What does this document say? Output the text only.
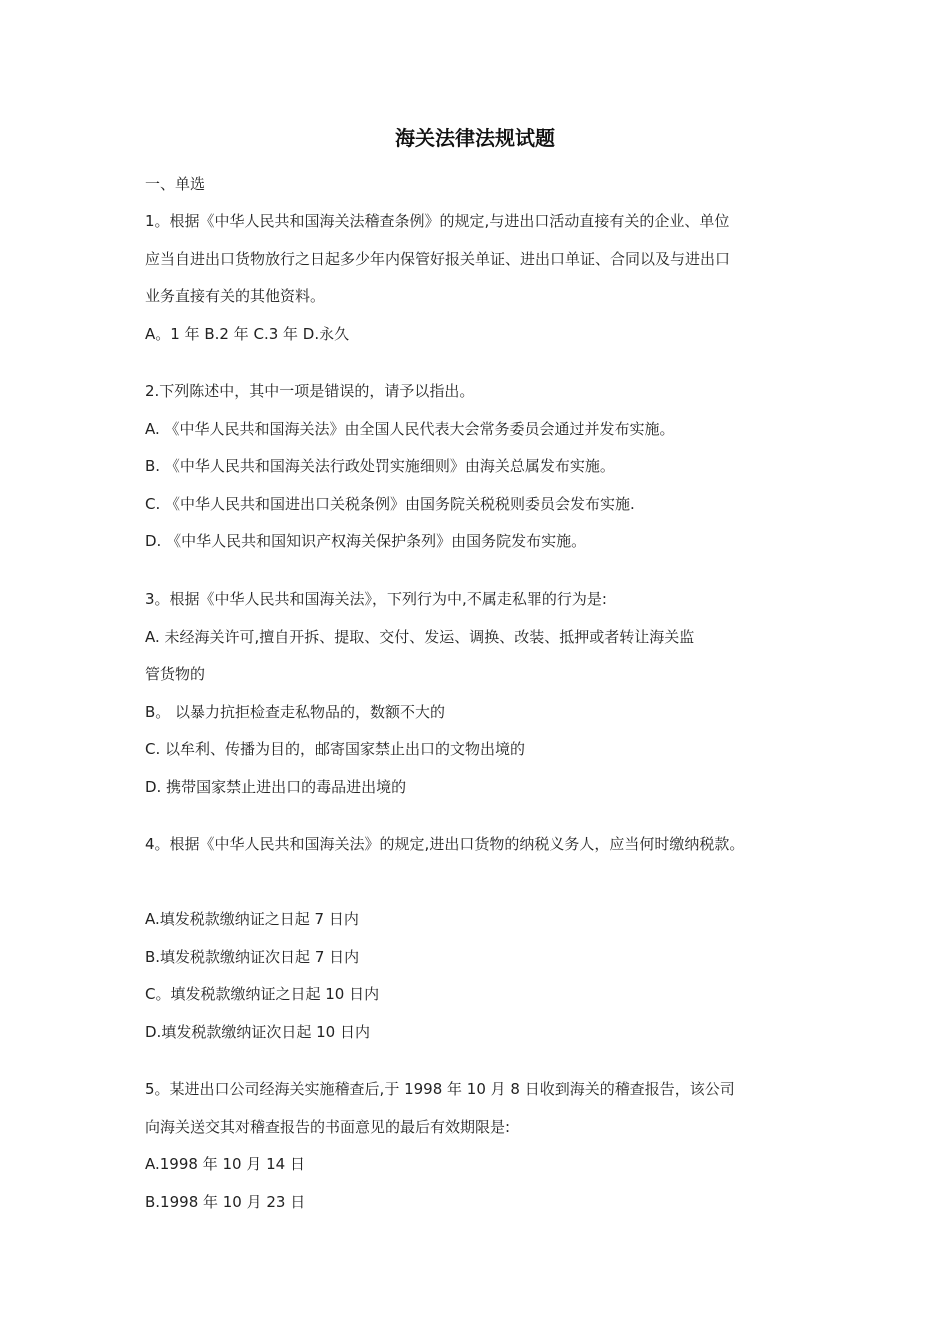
海关法律法规试题
一、单选
1。根据《中华人民共和国海关法稽查条例》的规定,与进出口活动直接有关的企业、单位
应当自进出口货物放行之日起多少年内保管好报关单证、进出口单证、合同以及与进出口
业务直接有关的其他资料。
A。1 年 B.2 年 C.3 年 D.永久
2.下列陈述中，其中一项是错误的，请予以指出。
A. 《中华人民共和国海关法》由全国人民代表大会常务委员会通过并发布实施。
B. 《中华人民共和国海关法行政处罚实施细则》由海关总属发布实施。
C. 《中华人民共和国进出口关税条例》由国务院关税税则委员会发布实施.
D. 《中华人民共和国知识产权海关保护条列》由国务院发布实施。
3。根据《中华人民共和国海关法》，下列行为中,不属走私罪的行为是:
A. 未经海关许可,擅自开拆、提取、交付、发运、调换、改装、抵押或者转让海关监
管货物的
B。 以暴力抗拒检查走私物品的，数额不大的
C. 以牟利、传播为目的，邮寄国家禁止出口的文物出境的
D. 携带国家禁止进出口的毒品进出境的
4。根据《中华人民共和国海关法》的规定,进出口货物的纳税义务人，应当何时缴纳税款。
A.填发税款缴纳证之日起 7 日内
B.填发税款缴纳证次日起 7 日内
C。填发税款缴纳证之日起 10 日内
D.填发税款缴纳证次日起 10 日内
5。某进出口公司经海关实施稽查后,于 1998 年 10 月 8 日收到海关的稽查报告，该公司
向海关送交其对稽查报告的书面意见的最后有效期限是:
A.1998 年 10 月 14 日
B.1998 年 10 月 23 日
